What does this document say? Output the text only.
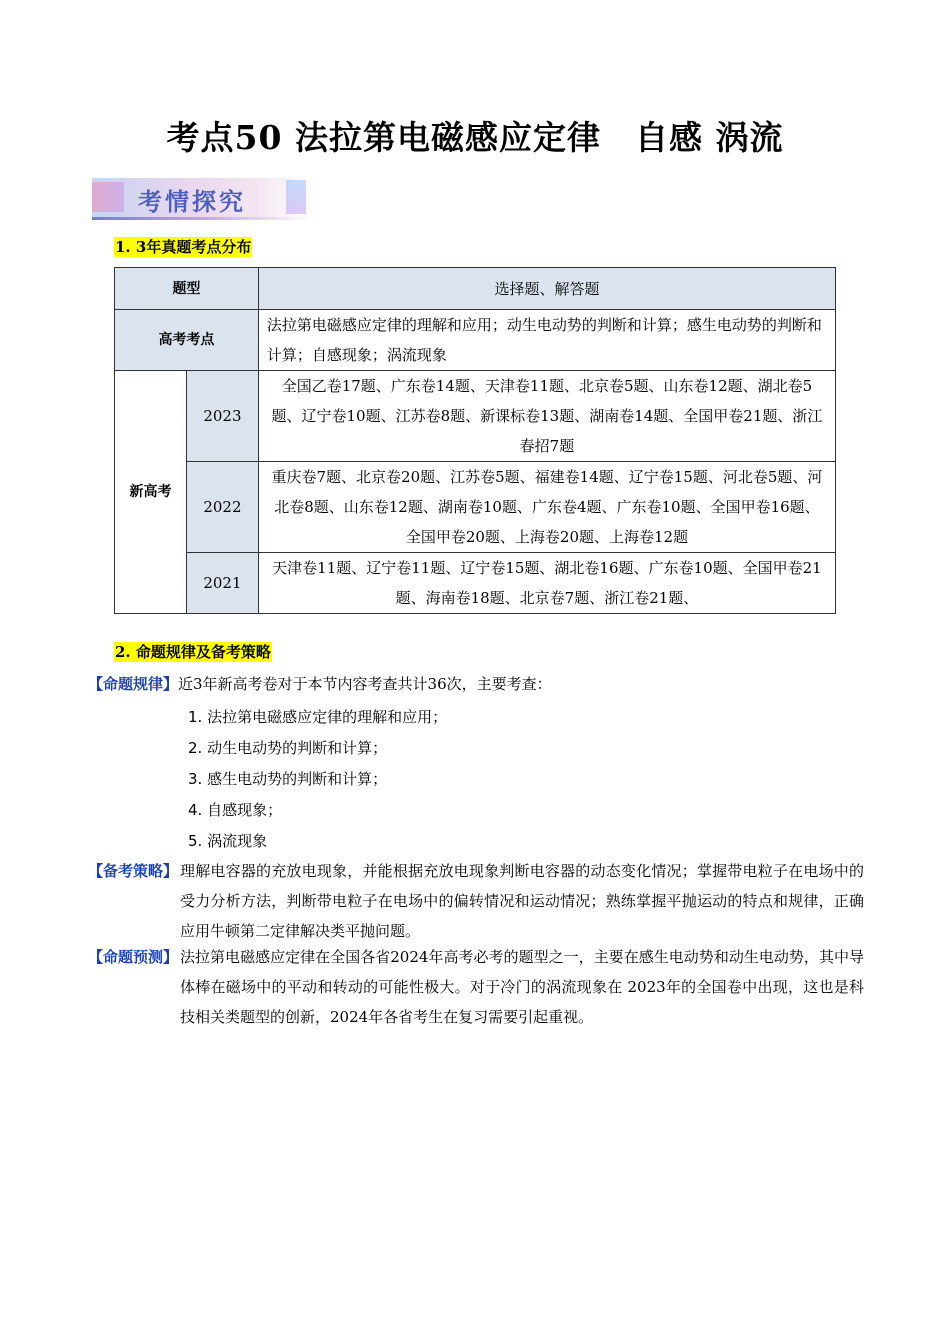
考点50 法拉第电磁感应定律　自感 涡流
考情探究
1. 3年真题考点分布
题型		选择题、解答题
高考考点		法拉第电磁感应定律的理解和应用；动生电动势的判断和计算；感生电动势的判断和计算；自感现象；涡流现象
新高考	2023	全国乙卷17题、广东卷14题、天津卷11题、北京卷5题、山东卷12题、湖北卷5题、辽宁卷10题、江苏卷8题、新课标卷13题、湖南卷14题、全国甲卷21题、浙江春招7题
	2022	重庆卷7题、北京卷20题、江苏卷5题、福建卷14题、辽宁卷15题、河北卷5题、河北卷8题、山东卷12题、湖南卷10题、广东卷4题、广东卷10题、全国甲卷16题、全国甲卷20题、上海卷20题、上海卷12题
	2021	天津卷11题、辽宁卷11题、辽宁卷15题、湖北卷16题、广东卷10题、全国甲卷21题、海南卷18题、北京卷7题、浙江卷21题、
2. 命题规律及备考策略
【命题规律】近3年新高考卷对于本节内容考查共计36次，主要考查：
1. 法拉第电磁感应定律的理解和应用；
2. 动生电动势的判断和计算；
3. 感生电动势的判断和计算；
4. 自感现象；
5. 涡流现象
【备考策略】 理解电容器的充放电现象，并能根据充放电现象判断电容器的动态变化情况；掌握带电粒子在电场中的受力分析方法，判断带电粒子在电场中的偏转情况和运动情况；熟练掌握平抛运动的特点和规律，正确应用牛顿第二定律解决类平抛问题。
【命题预测】 法拉第电磁感应定律在全国各省2024年高考必考的题型之一，主要在感生电动势和动生电动势，其中导体棒在磁场中的平动和转动的可能性极大。对于冷门的涡流现象在 2023年的全国卷中出现，这也是科技相关类题型的创新，2024年各省考生在复习需要引起重视。
